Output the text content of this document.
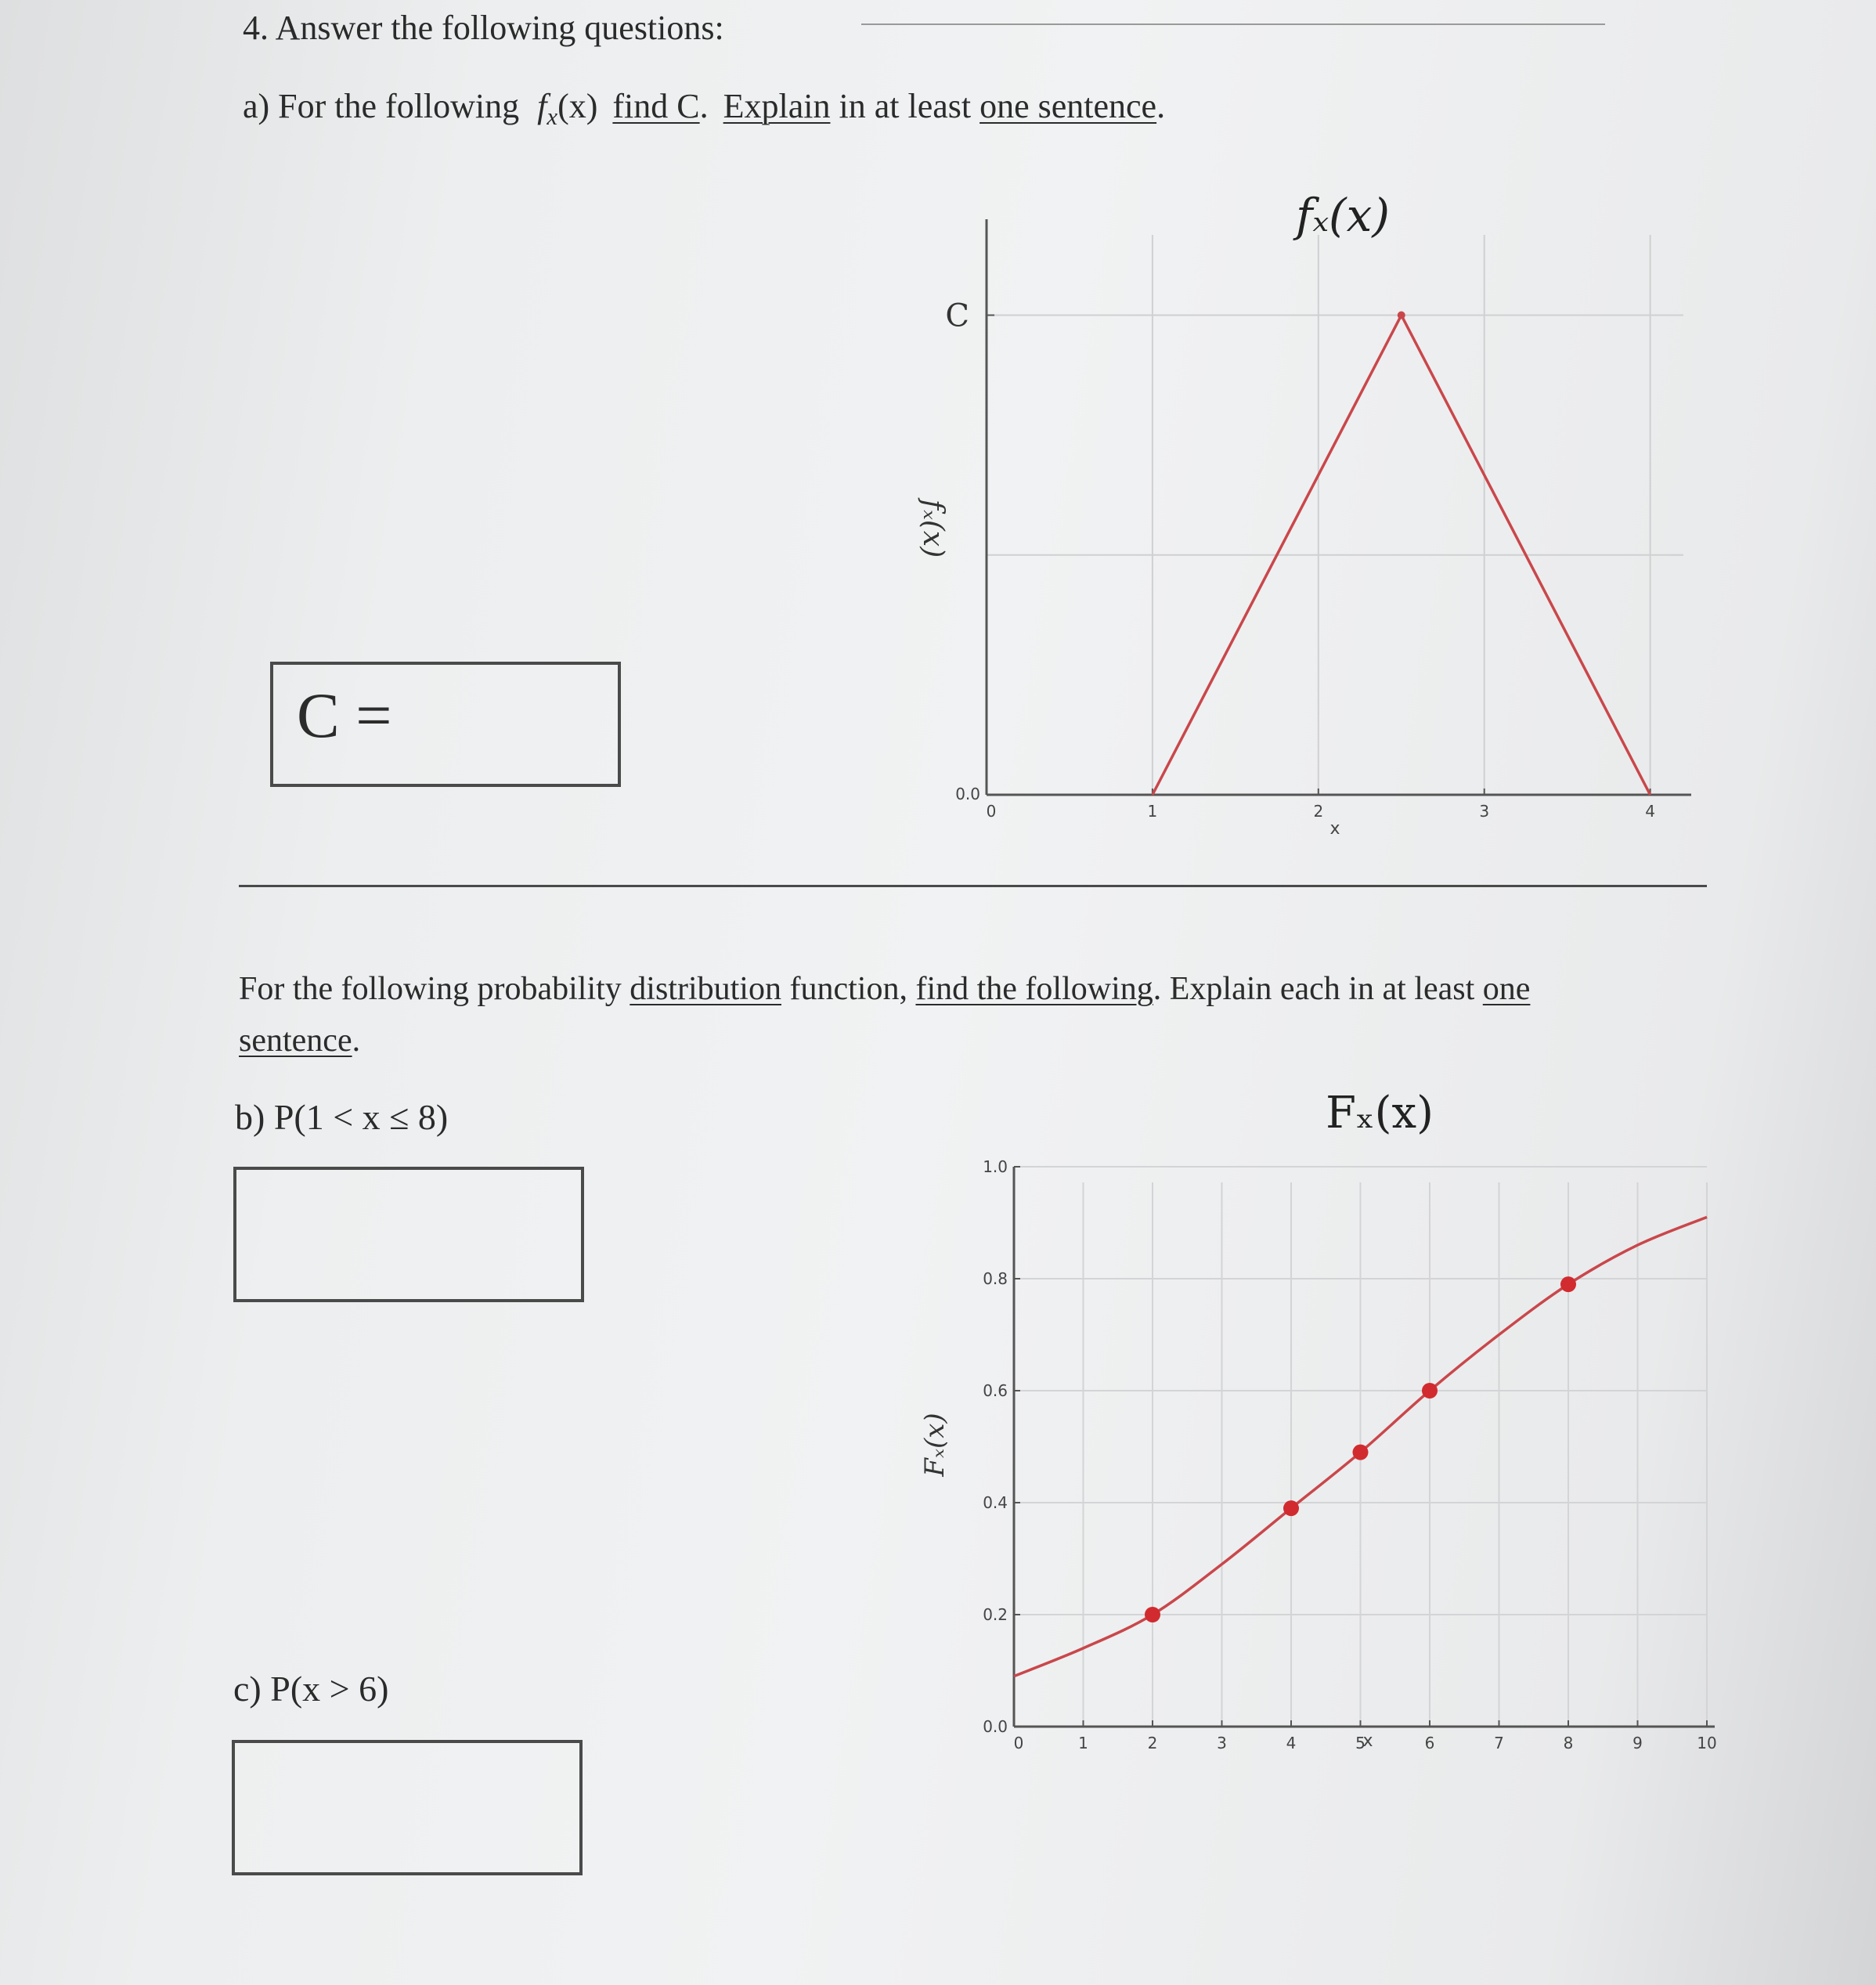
4. Answer the following questions:
a) For the following $f_x(x)$ find C. Explain in at least one sentence.
C =
fₓ(x)
fₓ(x)
x
0	1	2	3	4
0.0
C
For the following probability distribution function, find the following. Explain each in at least one sentence.
b) P(1 < x ≤ 8)
c) P(x > 6)
Fₓ(x)
Fₓ(x)
x
0	1	2	3	4	5	6	7	8	9	10
0.0
0.2
0.4
0.6
0.8
1.0
